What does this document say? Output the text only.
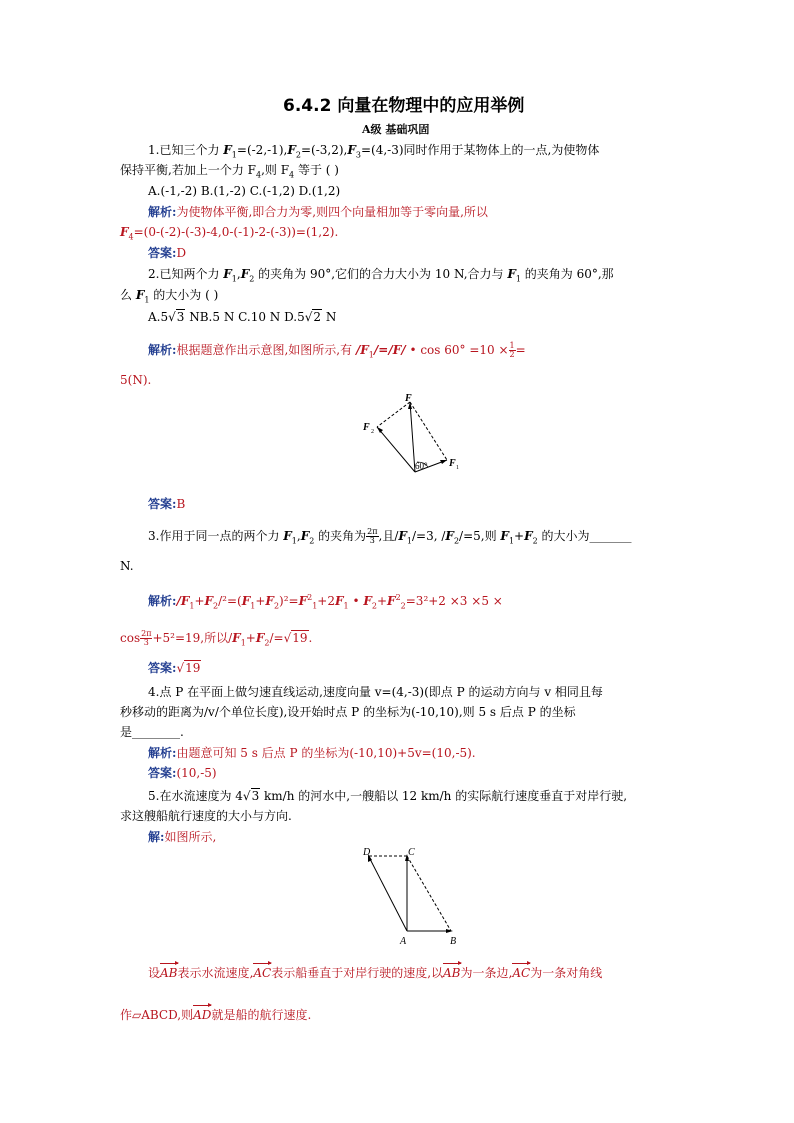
6.4.2 向量在物理中的应用举例
A级 基础巩固
1.已知三个力 $F_1=(-2,-1),F_2=(-3,2),F_3=(4,-3)$同时作用于某物体上的一点,为使物体
保持平衡,若加上一个力 $F_4$,则 $F_4$ 等于 ( )
A.(-1,-2) B.(1,-2) C.(-1,2) D.(1,2)
解析:为使物体平衡,即合力为零,则四个向量相加等于零向量,所以
$F_4=(0-(-2)-(-3)-4,0-(-1)-2-(-3))=(1,2)$.
答案:D
2.已知两个力 $F_1,F_2$ 的夹角为 90°,它们的合力大小为 10 N,合力与 $F_1$ 的夹角为 60°,那
么 $F_1$ 的大小为 ( )
A.5√3 NB.5 N C.10 N D.5√2 N
解析:根据题意作出示意图,如图所示,有 $/F_1/=/F/$ • $\cos 60^\circ =10 \times \frac{1}{2}$ =
5(N).
F
F 2
F 1
60°
答案:B
3.作用于同一点的两个力 $F_1,F_2$ 的夹角为 $\frac{2\pi}{3}$ ,且$/F_1/=3$, $/F_2/=5$,则 $F_1+F_2$ 的大小为_______
N.
解析$:/F_1+F_2/^2=(F_1+F_2)^2=F^2_1+2F_1$ • $F_2+F^2_2=3^2+2 \times 3 \times 5$ ×
$\cos \frac{2\pi}{3} +5^2=19$,所以$/F_1+F_2/=√19$.
答案:√19
4.点 P 在平面上做匀速直线运动,速度向量 v=(4,-3)(即点 P 的运动方向与 v 相同且每
秒移动的距离为/v/个单位长度),设开始时点 P 的坐标为(-10,10),则 5 s 后点 P 的坐标
是________.
解析:由题意可知 5 s 后点 P 的坐标为(-10,10)+5v=(10,-5).
答案:(10,-5)
5.在水流速度为 4√3 km/h 的河水中,一艘船以 12 km/h 的实际航行速度垂直于对岸行驶,
求这艘船航行速度的大小与方向.
解:如图所示,
A	B
C
D
设AB表示水流速度,AC表示船垂直于对岸行驶的速度,以AB为一条边,AC为一条对角线
作▱ABCD,则AD就是船的航行速度.
